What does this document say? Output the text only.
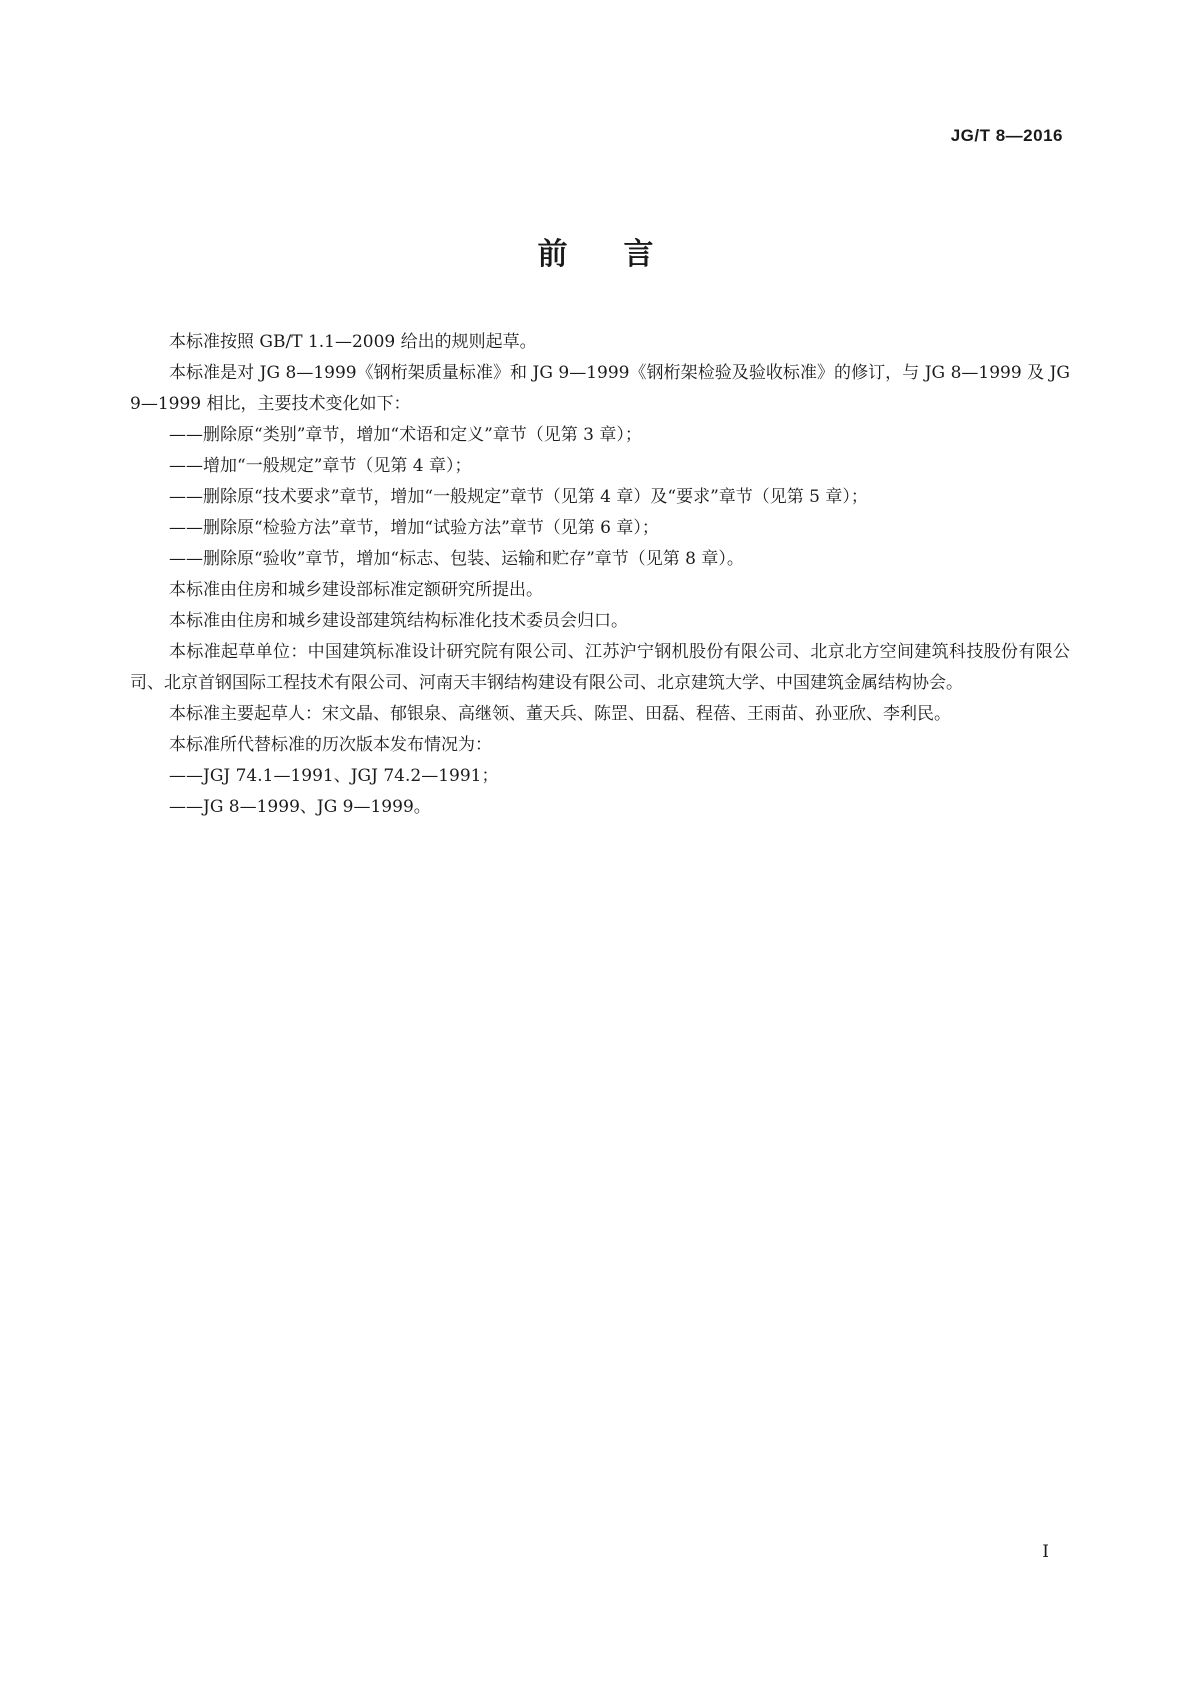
JG/T 8—2016
前言

本标准按照 GB/T 1.1—2009 给出的规则起草。

本标准是对 JG 8—1999《钢桁架质量标准》和 JG 9—1999《钢桁架检验及验收标准》的修订，与 JG 8—1999 及 JG 9—1999 相比，主要技术变化如下：

——删除原“类别”章节，增加“术语和定义”章节（见第 3 章）；

——增加“一般规定”章节（见第 4 章）；

——删除原“技术要求”章节，增加“一般规定”章节（见第 4 章）及“要求”章节（见第 5 章）；

——删除原“检验方法”章节，增加“试验方法”章节（见第 6 章）；

——删除原“验收”章节，增加“标志、包装、运输和贮存”章节（见第 8 章）。

本标准由住房和城乡建设部标准定额研究所提出。

本标准由住房和城乡建设部建筑结构标准化技术委员会归口。

本标准起草单位：中国建筑标准设计研究院有限公司、江苏沪宁钢机股份有限公司、北京北方空间建筑科技股份有限公司、北京首钢国际工程技术有限公司、河南天丰钢结构建设有限公司、北京建筑大学、中国建筑金属结构协会。

本标准主要起草人：宋文晶、郁银泉、高继领、董天兵、陈罡、田磊、程蓓、王雨苗、孙亚欣、李利民。

本标准所代替标准的历次版本发布情况为：

——JGJ 74.1—1991、JGJ 74.2—1991；

——JG 8—1999、JG 9—1999。

I
